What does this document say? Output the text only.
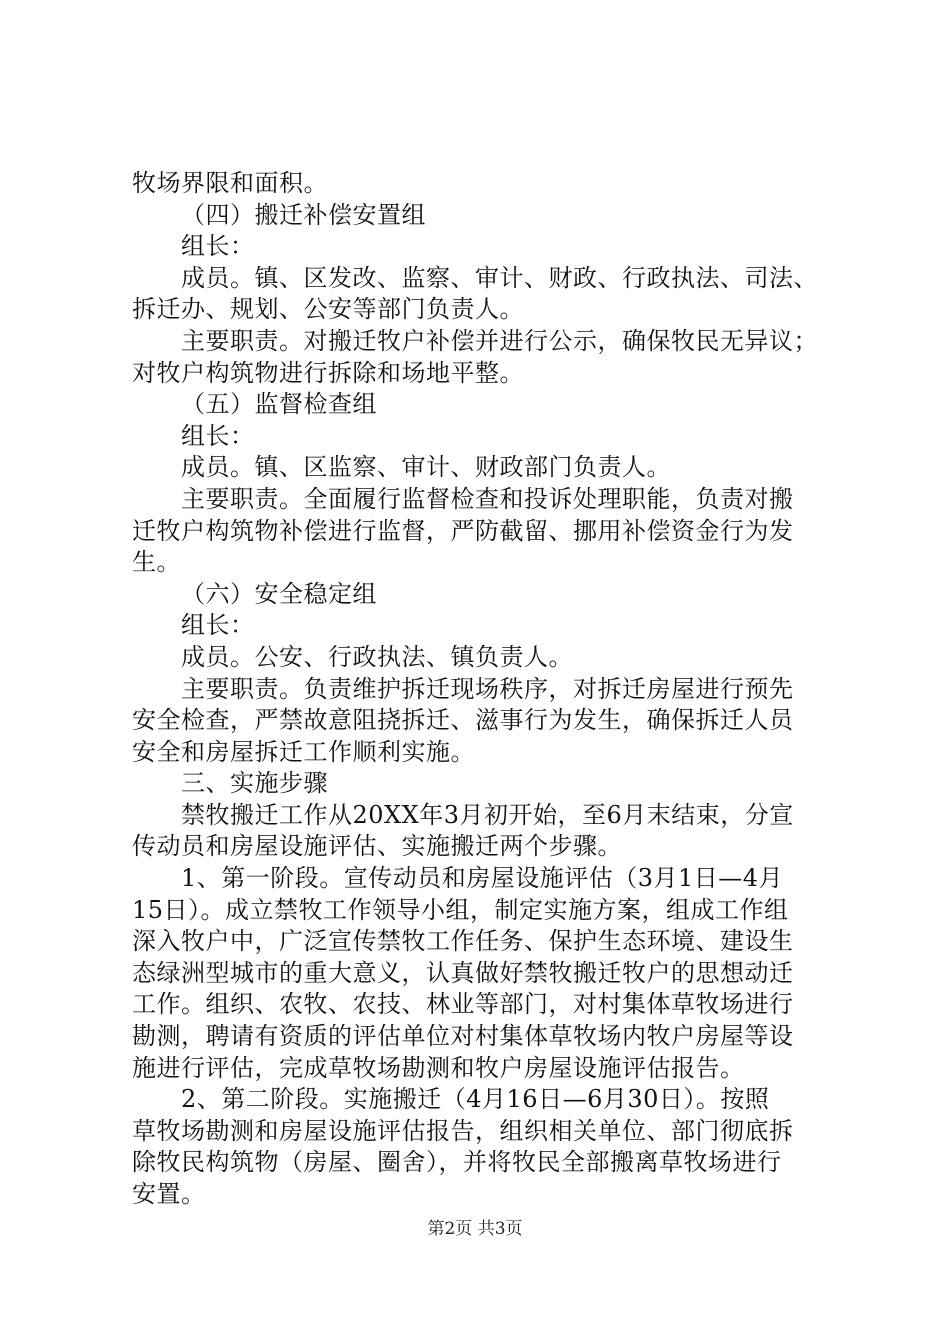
牧场界限和面积。
（四）搬迁补偿安置组
组长：
成员。镇、区发改、监察、审计、财政、行政执法、司法、
拆迁办、规划、公安等部门负责人。
主要职责。对搬迁牧户补偿并进行公示，确保牧民无异议；
对牧户构筑物进行拆除和场地平整。
（五）监督检查组
组长：
成员。镇、区监察、审计、财政部门负责人。
主要职责。全面履行监督检查和投诉处理职能，负责对搬
迁牧户构筑物补偿进行监督，严防截留、挪用补偿资金行为发
生。
（六）安全稳定组
组长：
成员。公安、行政执法、镇负责人。
主要职责。负责维护拆迁现场秩序，对拆迁房屋进行预先
安全检查，严禁故意阻挠拆迁、滋事行为发生，确保拆迁人员
安全和房屋拆迁工作顺利实施。
三、实施步骤
禁牧搬迁工作从20XX年3月初开始，至6月末结束，分宣
传动员和房屋设施评估、实施搬迁两个步骤。
1、第一阶段。宣传动员和房屋设施评估（3月1日—4月
15日）。成立禁牧工作领导小组，制定实施方案，组成工作组
深入牧户中，广泛宣传禁牧工作任务、保护生态环境、建设生
态绿洲型城市的重大意义，认真做好禁牧搬迁牧户的思想动迁
工作。组织、农牧、农技、林业等部门，对村集体草牧场进行
勘测，聘请有资质的评估单位对村集体草牧场内牧户房屋等设
施进行评估，完成草牧场勘测和牧户房屋设施评估报告。
2、第二阶段。实施搬迁（4月16日—6月30日）。按照
草牧场勘测和房屋设施评估报告，组织相关单位、部门彻底拆
除牧民构筑物（房屋、圈舍），并将牧民全部搬离草牧场进行
安置。
第2页 共3页
